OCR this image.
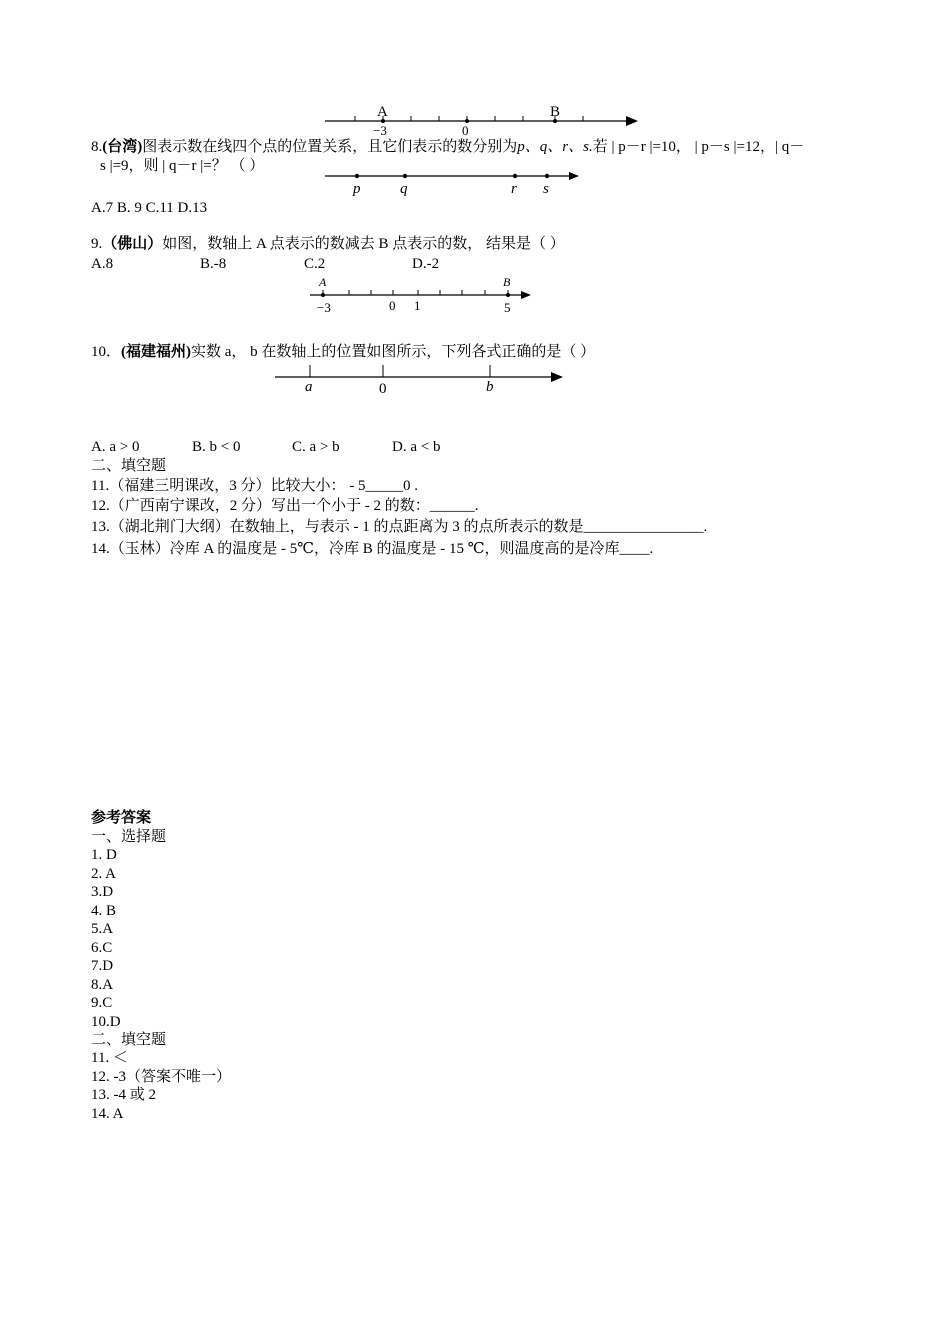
A	B
−3	0
8.(台湾)图表示数在线四个点的位置关系，且它们表示的数分别为p、q、r、s.若 | p－r |=10， | p－s |=12，| q－
s |=9，则 | q－r |=？ （ ）
p	q	r s
A.7 B. 9 C.11 D.13
9.（佛山）如图，数轴上 A 点表示的数减去 B 点表示的数， 结果是（ ）
A.8	B.-8	C.2	D.-2
A	B
−3	0 1	5
10．(福建福州)实数 a， b 在数轴上的位置如图所示，下列各式正确的是（ ）
a	0	b
A. a > 0	B. b < 0	C. a > b	D. a < b
二、填空题
11.（福建三明课改，3 分）比较大小： - 5_____0 .
12.（广西南宁课改，2 分）写出一个小于 - 2 的数：______.
13.（湖北荆门大纲）在数轴上，与表示 - 1 的点距离为 3 的点所表示的数是________________.
14.（玉林）冷库 A 的温度是 - 5℃，冷库 B 的温度是 - 15 ℃，则温度高的是冷库____.
参考答案
一、选择题
1. D
2. A
3.D
4. B
5.A
6.C
7.D
8.A
9.C
10.D
二、填空题
11. ＜
12. -3（答案不唯一）
13. -4 或 2
14. A
